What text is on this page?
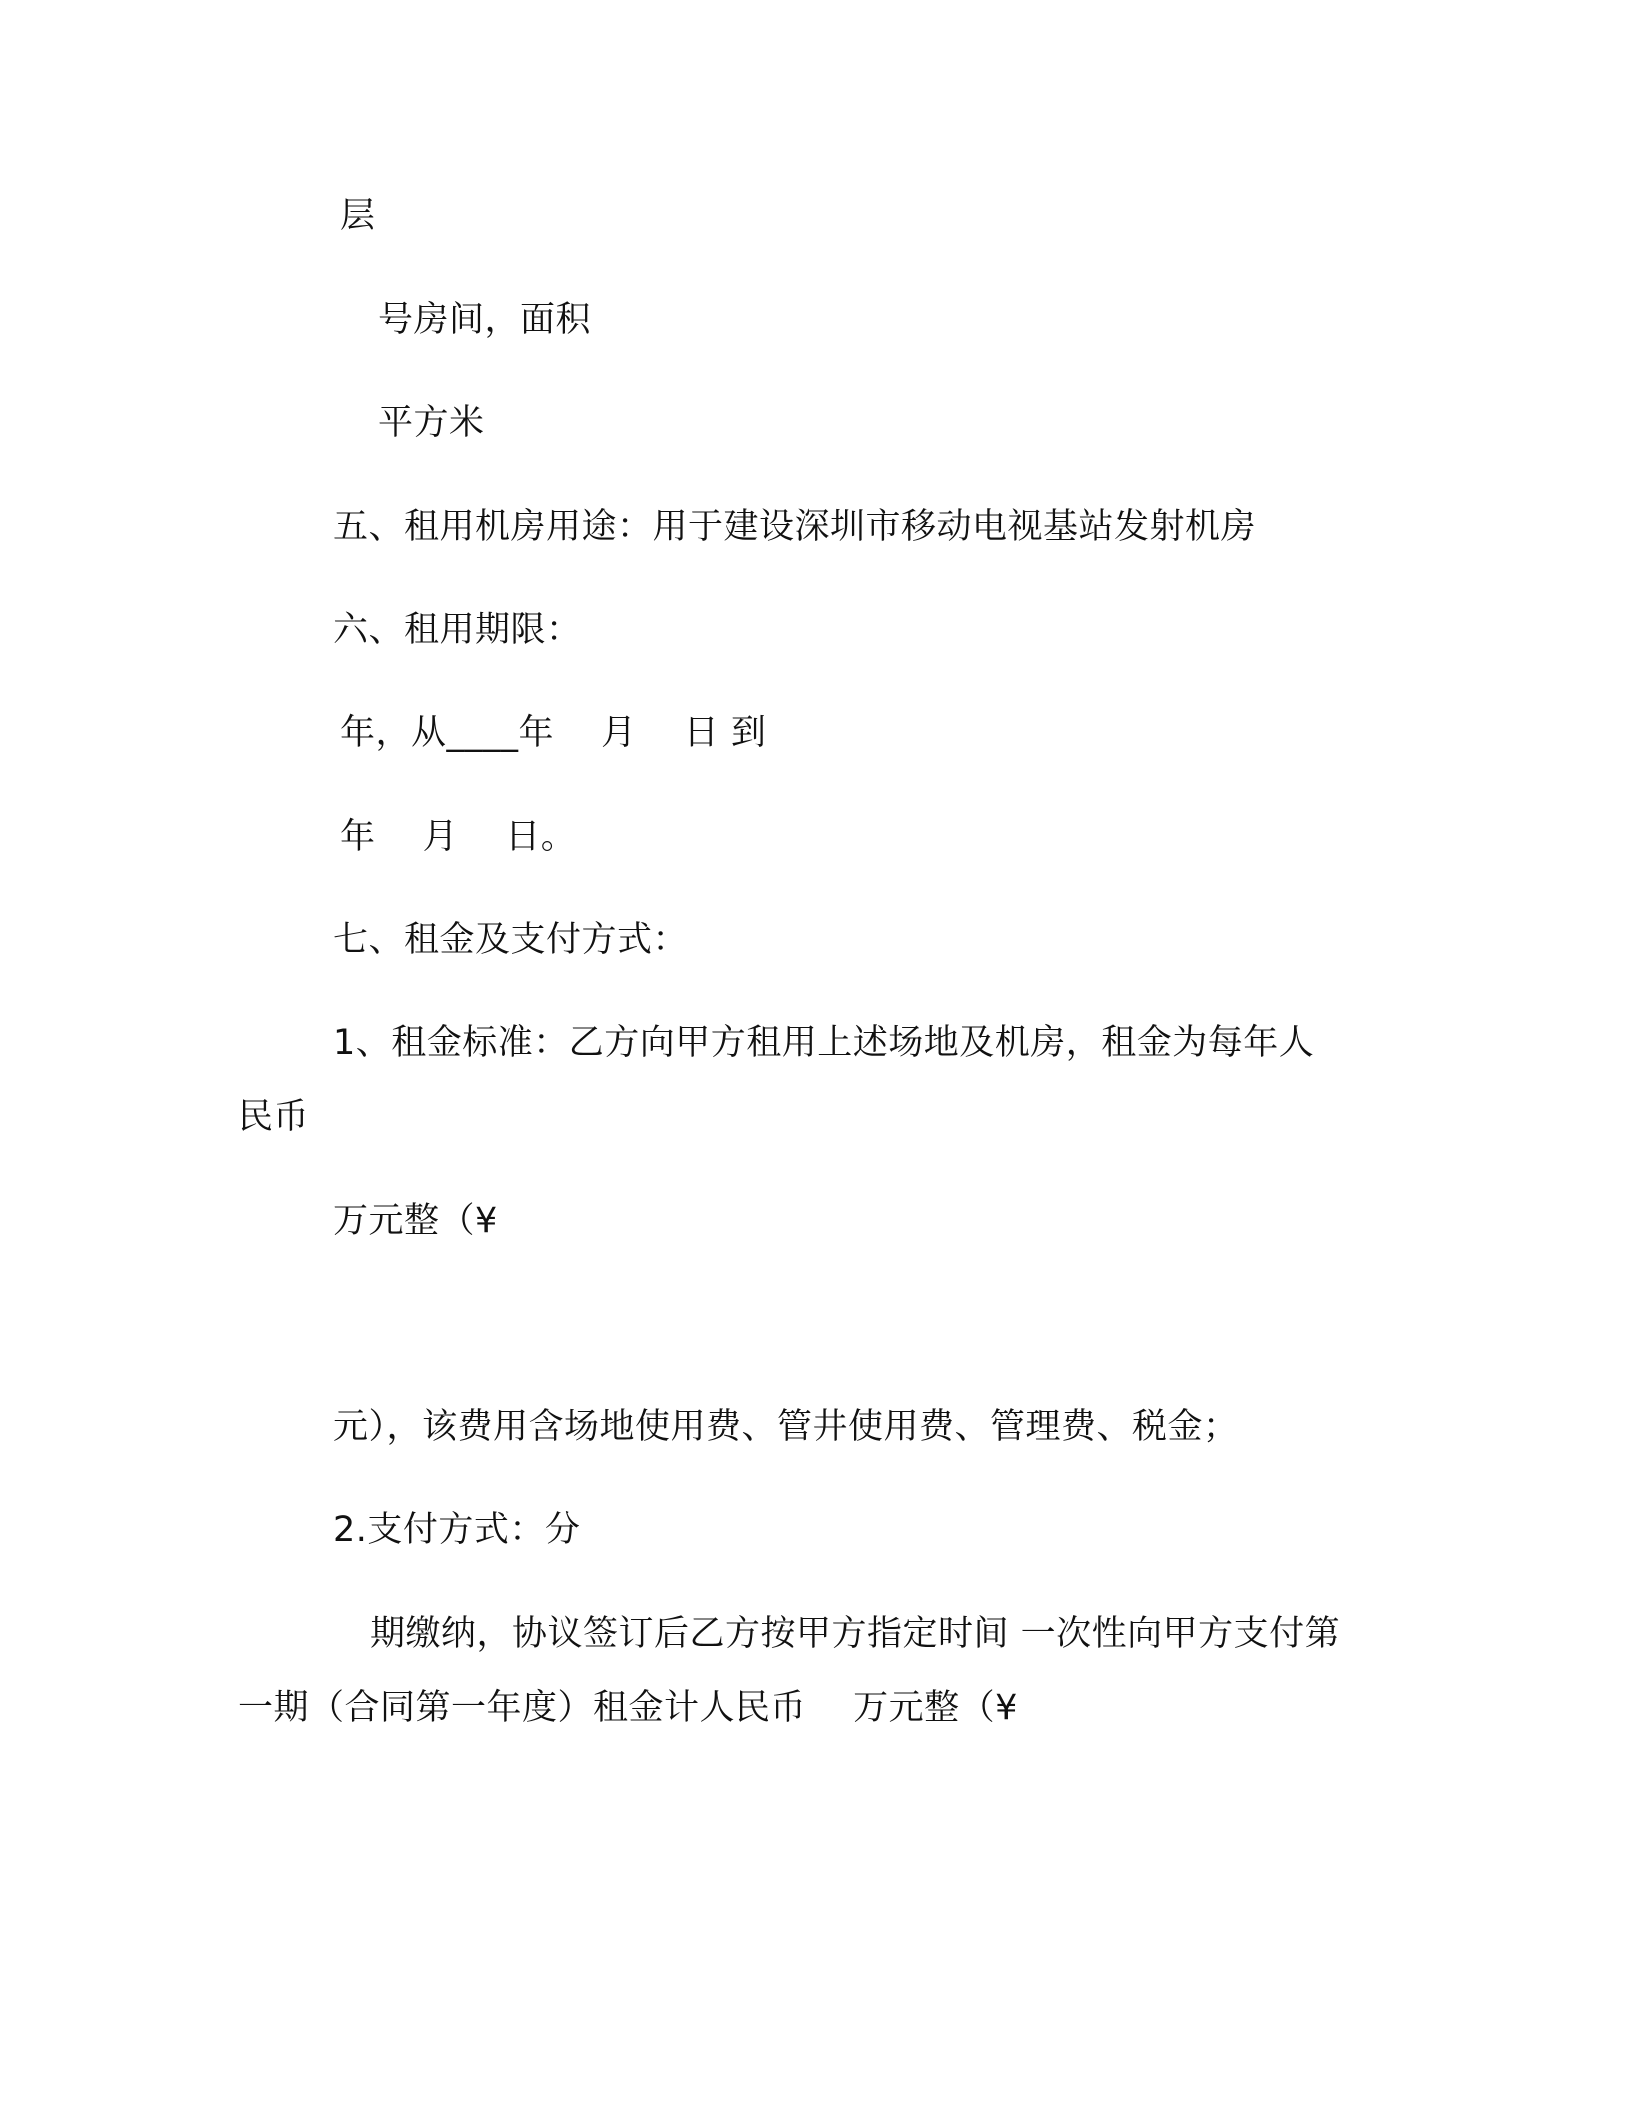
层
号房间，面积
平方米
五、租用机房用途：用于建设深圳市移动电视基站发射机房
六、租用期限：
年，从____年　 月　 日 到
年　 月　 日。
七、租金及支付方式：
1、租金标准：乙方向甲方租用上述场地及机房，租金为每年人
民币
万元整（¥
元），该费用含场地使用费、管井使用费、管理费、税金；
2.支付方式：分
期缴纳，协议签订后乙方按甲方指定时间 一次性向甲方支付第
一期（合同第一年度）租金计人民币　 万元整（¥
